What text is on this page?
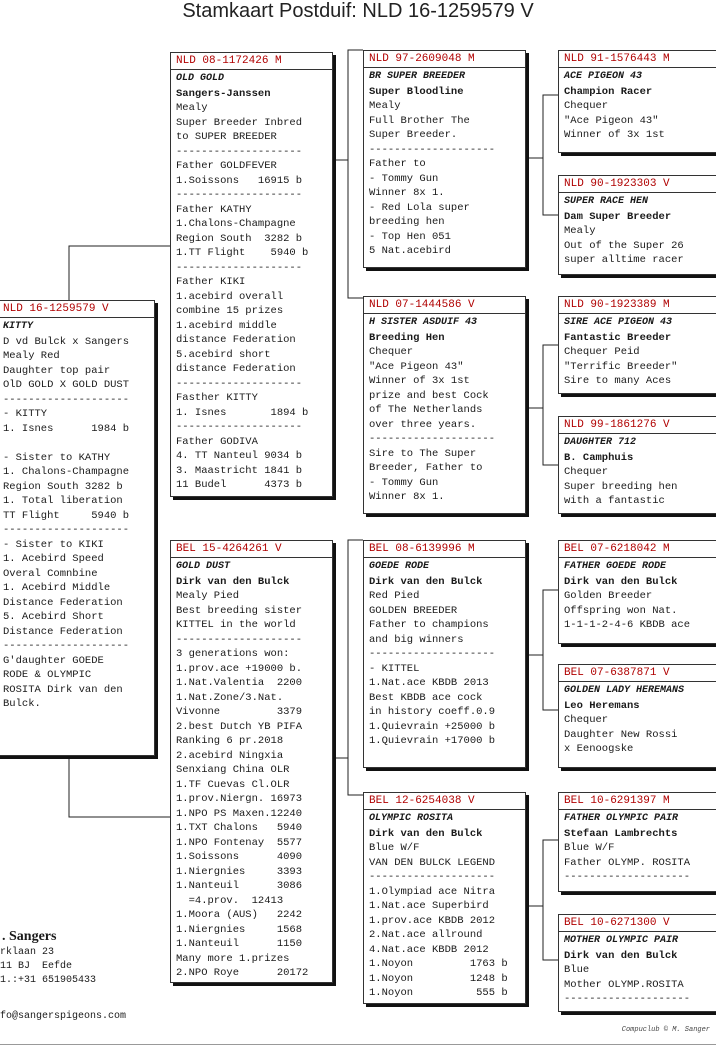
Stamkaart Postduif: NLD 16-1259579 V
NLD 16-1259579 V
KITTY
D vd Bulck x Sangers
Mealy Red
Daughter top pair
OlD GOLD X GOLD DUST
--------------------
- KITTY
1. Isnes      1984 b

- Sister to KATHY
1. Chalons-Champagne
Region South 3282 b
1. Total liberation
TT Flight     5940 b
--------------------
- Sister to KIKI
1. Acebird Speed
Overal Comnbine
1. Acebird Middle
Distance Federation
5. Acebird Short
Distance Federation
--------------------
G'daughter GOEDE
RODE & OLYMPIC
ROSITA Dirk van den
Bulck.
NLD 08-1172426 M
OLD GOLD
Sangers-Janssen
Mealy
Super Breeder Inbred
to SUPER BREEDER
--------------------
Father GOLDFEVER
1.Soissons   16915 b
--------------------
Father KATHY
1.Chalons-Champagne
Region South  3282 b
1.TT Flight    5940 b
--------------------
Father KIKI
1.acebird overall
combine 15 prizes
1.acebird middle
distance Federation
5.acebird short
distance Federation
--------------------
Fasther KITTY
1. Isnes       1894 b
--------------------
Father GODIVA
4. TT Nanteul 9034 b
3. Maastricht 1841 b
11 Budel      4373 b
BEL 15-4264261 V
GOLD DUST
Dirk van den Bulck
Mealy Pied
Best breeding sister
KITTEL in the world
--------------------
3 generations won:
1.prov.ace +19000 b.
1.Nat.Valentia  2200
1.Nat.Zone/3.Nat.
Vivonne         3379
2.best Dutch YB PIFA
Ranking 6 pr.2018
2.acebird Ningxia
Senxiang China OLR
1.TF Cuevas Cl.OLR
1.prov.Niergn. 16973
1.NPO PS Maxen.12240
1.TXT Chalons   5940
1.NPO Fontenay  5577
1.Soissons      4090
1.Niergnies     3393
1.Nanteuil      3086
=4.prov.  12413
1.Moora (AUS)   2242
1.Niergnies     1568
1.Nanteuil      1150
Many more 1.prizes
2.NPO Roye      20172
NLD 97-2609048 M
BR SUPER BREEDER
Super Bloodline
Mealy
Full Brother The
Super Breeder.
--------------------
Father to
- Tommy Gun
Winner 8x 1.
- Red Lola super
breeding hen
- Top Hen 051
5 Nat.acebird
NLD 07-1444586 V
H SISTER ASDUIF 43
Breeding Hen
Chequer
"Ace Pigeon 43"
Winner of 3x 1st
prize and best Cock
of The Netherlands
over three years.
--------------------
Sire to The Super
Breeder, Father to
- Tommy Gun
Winner 8x 1.
BEL 08-6139996 M
GOEDE RODE
Dirk van den Bulck
Red Pied
GOLDEN BREEDER
Father to champions
and big winners
--------------------
- KITTEL
1.Nat.ace KBDB 2013
Best KBDB ace cock
in history coeff.0.9
1.Quievrain +25000 b
1.Quievrain +17000 b
BEL 12-6254038 V
OLYMPIC ROSITA
Dirk van den Bulck
Blue W/F
VAN DEN BULCK LEGEND
--------------------
1.Olympiad ace Nitra
1.Nat.ace Superbird
1.prov.ace KBDB 2012
2.Nat.ace allround
4.Nat.ace KBDB 2012
1.Noyon         1763 b
1.Noyon         1248 b
1.Noyon          555 b
NLD 91-1576443 M
ACE PIGEON 43
Champion Racer
Chequer
"Ace Pigeon 43"
Winner of 3x 1st
NLD 90-1923303 V
SUPER RACE HEN
Dam Super Breeder
Mealy
Out of the Super 26
super alltime racer
NLD 90-1923389 M
SIRE ACE PIGEON 43
Fantastic Breeder
Chequer Peid
"Terrific Breeder"
Sire to many Aces
NLD 99-1861276 V
DAUGHTER 712
B. Camphuis
Chequer
Super breeding hen
with a fantastic
BEL 07-6218042 M
FATHER GOEDE RODE
Dirk van den Bulck
Golden Breeder
Offspring won Nat.
1-1-1-2-4-6 KBDB ace
BEL 07-6387871 V
GOLDEN LADY HEREMANS
Leo Heremans
Chequer
Daughter New Rossi
x Eenoogske
BEL 10-6291397 M
FATHER OLYMPIC PAIR
Stefaan Lambrechts
Blue W/F
Father OLYMP. ROSITA
--------------------
BEL 10-6271300 V
MOTHER OLYMPIC PAIR
Dirk van den Bulck
Blue
Mother OLYMP.ROSITA
--------------------
. Sangers
rklaan 23
11 BJ  Eefde
1.:+31 651905433
fo@sangerspigeons.com
Compuclub © M. Sanger
